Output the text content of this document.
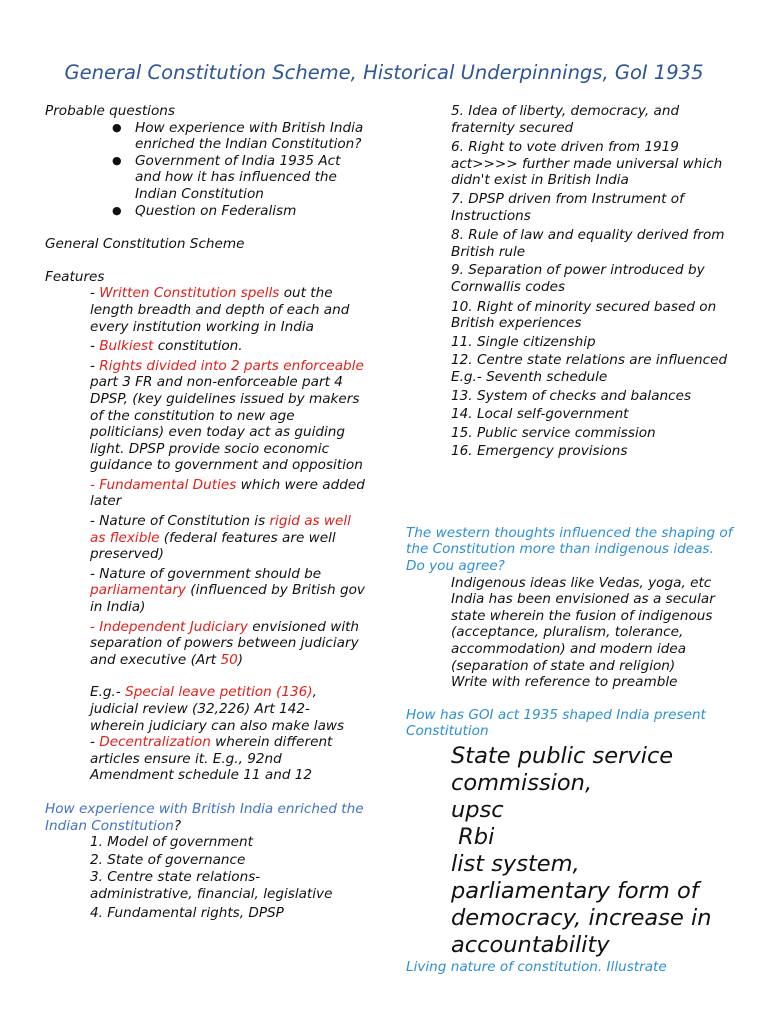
General Constitution Scheme, Historical Underpinnings, GoI 1935

Probable questions

● How experience with British India enriched the Indian Constitution?
● Government of India 1935 Act and how it has influenced the Indian Constitution
● Question on Federalism

General Constitution Scheme

Features

- Written Constitution spells out the length breadth and depth of each and every institution working in India

- Bulkiest constitution.

- Rights divided into 2 parts enforceable part 3 FR and non-enforceable part 4 DPSP, (key guidelines issued by makers of the constitution to new age politicians) even today act as guiding light. DPSP provide socio economic guidance to government and opposition

- Fundamental Duties which were added later

- Nature of Constitution is rigid as well as flexible (federal features are well preserved)

- Nature of government should be parliamentary (influenced by British gov in India)

- Independent Judiciary envisioned with separation of powers between judiciary and executive (Art 50)

E.g.- Special leave petition (136), judicial review (32,226) Art 142- wherein judiciary can also make laws

- Decentralization wherein different articles ensure it. E.g., 92nd Amendment schedule 11 and 12

How experience with British India enriched the Indian Constitution?

1. Model of government

2. State of governance

3. Centre state relations- administrative, financial, legislative

4. Fundamental rights, DPSP

5. Idea of liberty, democracy, and fraternity secured

6. Right to vote driven from 1919 act>>>> further made universal which didn't exist in British India

7. DPSP driven from Instrument of Instructions

8. Rule of law and equality derived from British rule

9. Separation of power introduced by Cornwallis codes

10. Right of minority secured based on British experiences

11. Single citizenship

12. Centre state relations are influenced E.g.- Seventh schedule

13. System of checks and balances

14. Local self-government

15. Public service commission

16. Emergency provisions

The western thoughts influenced the shaping of the Constitution more than indigenous ideas. Do you agree?

Indigenous ideas like Vedas, yoga, etc

India has been envisioned as a secular state wherein the fusion of indigenous (acceptance, pluralism, tolerance, accommodation) and modern idea (separation of state and religion)

Write with reference to preamble

How has GOI act 1935 shaped India present Constitution

State public service commission,

upsc

Rbi

list system, parliamentary form of democracy, increase in accountability

Living nature of constitution. Illustrate
